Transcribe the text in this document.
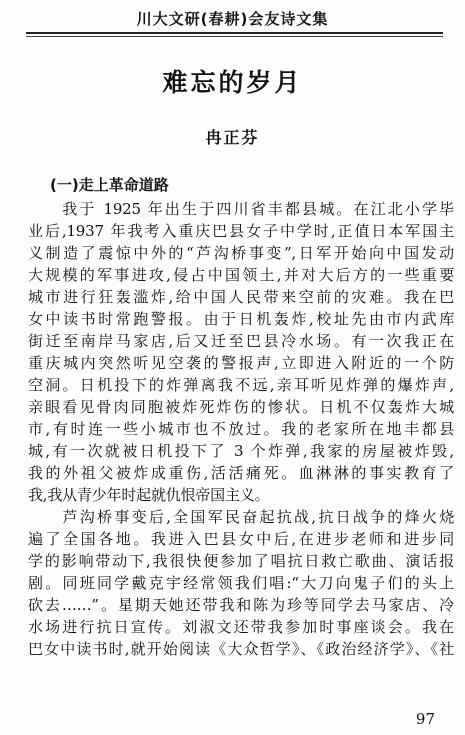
川大文研(春耕)会友诗文集
难忘的岁月
冉正芬
(一)走上革命道路
　　我于 1925 年出生于四川省丰都县城。在江北小学毕
业后,1937 年我考入重庆巴县女子中学时,正值日本军国主
义制造了震惊中外的“芦沟桥事变”,日军开始向中国发动
大规模的军事进攻,侵占中国领土,并对大后方的一些重要
城市进行狂轰滥炸,给中国人民带来空前的灾难。我在巴
女中读书时常跑警报。由于日机轰炸,校址先由市内武库
街迁至南岸马家店,后又迁至巴县冷水场。有一次我正在
重庆城内突然听见空袭的警报声,立即进入附近的一个防
空洞。日机投下的炸弹离我不远,亲耳听见炸弹的爆炸声,
亲眼看见骨肉同胞被炸死炸伤的惨状。日机不仅轰炸大城
市,有时连一些小城市也不放过。我的老家所在地丰都县
城,有一次就被日机投下了 3 个炸弹,我家的房屋被炸毁,
我的外祖父被炸成重伤,活活痛死。血淋淋的事实教育了
我,我从青少年时起就仇恨帝国主义。
　　芦沟桥事变后,全国军民奋起抗战,抗日战争的烽火烧
遍了全国各地。我进入巴县女中后,在进步老师和进步同
学的影响带动下,我很快便参加了唱抗日救亡歌曲、演话报
剧。同班同学戴克宇经常领我们唱:“大刀向鬼子们的头上
砍去……”。星期天她还带我和陈为珍等同学去马家店、冷
水场进行抗日宣传。刘淑文还带我参加时事座谈会。我在
巴女中读书时,就开始阅读《大众哲学》、《政治经济学》、《社
97
